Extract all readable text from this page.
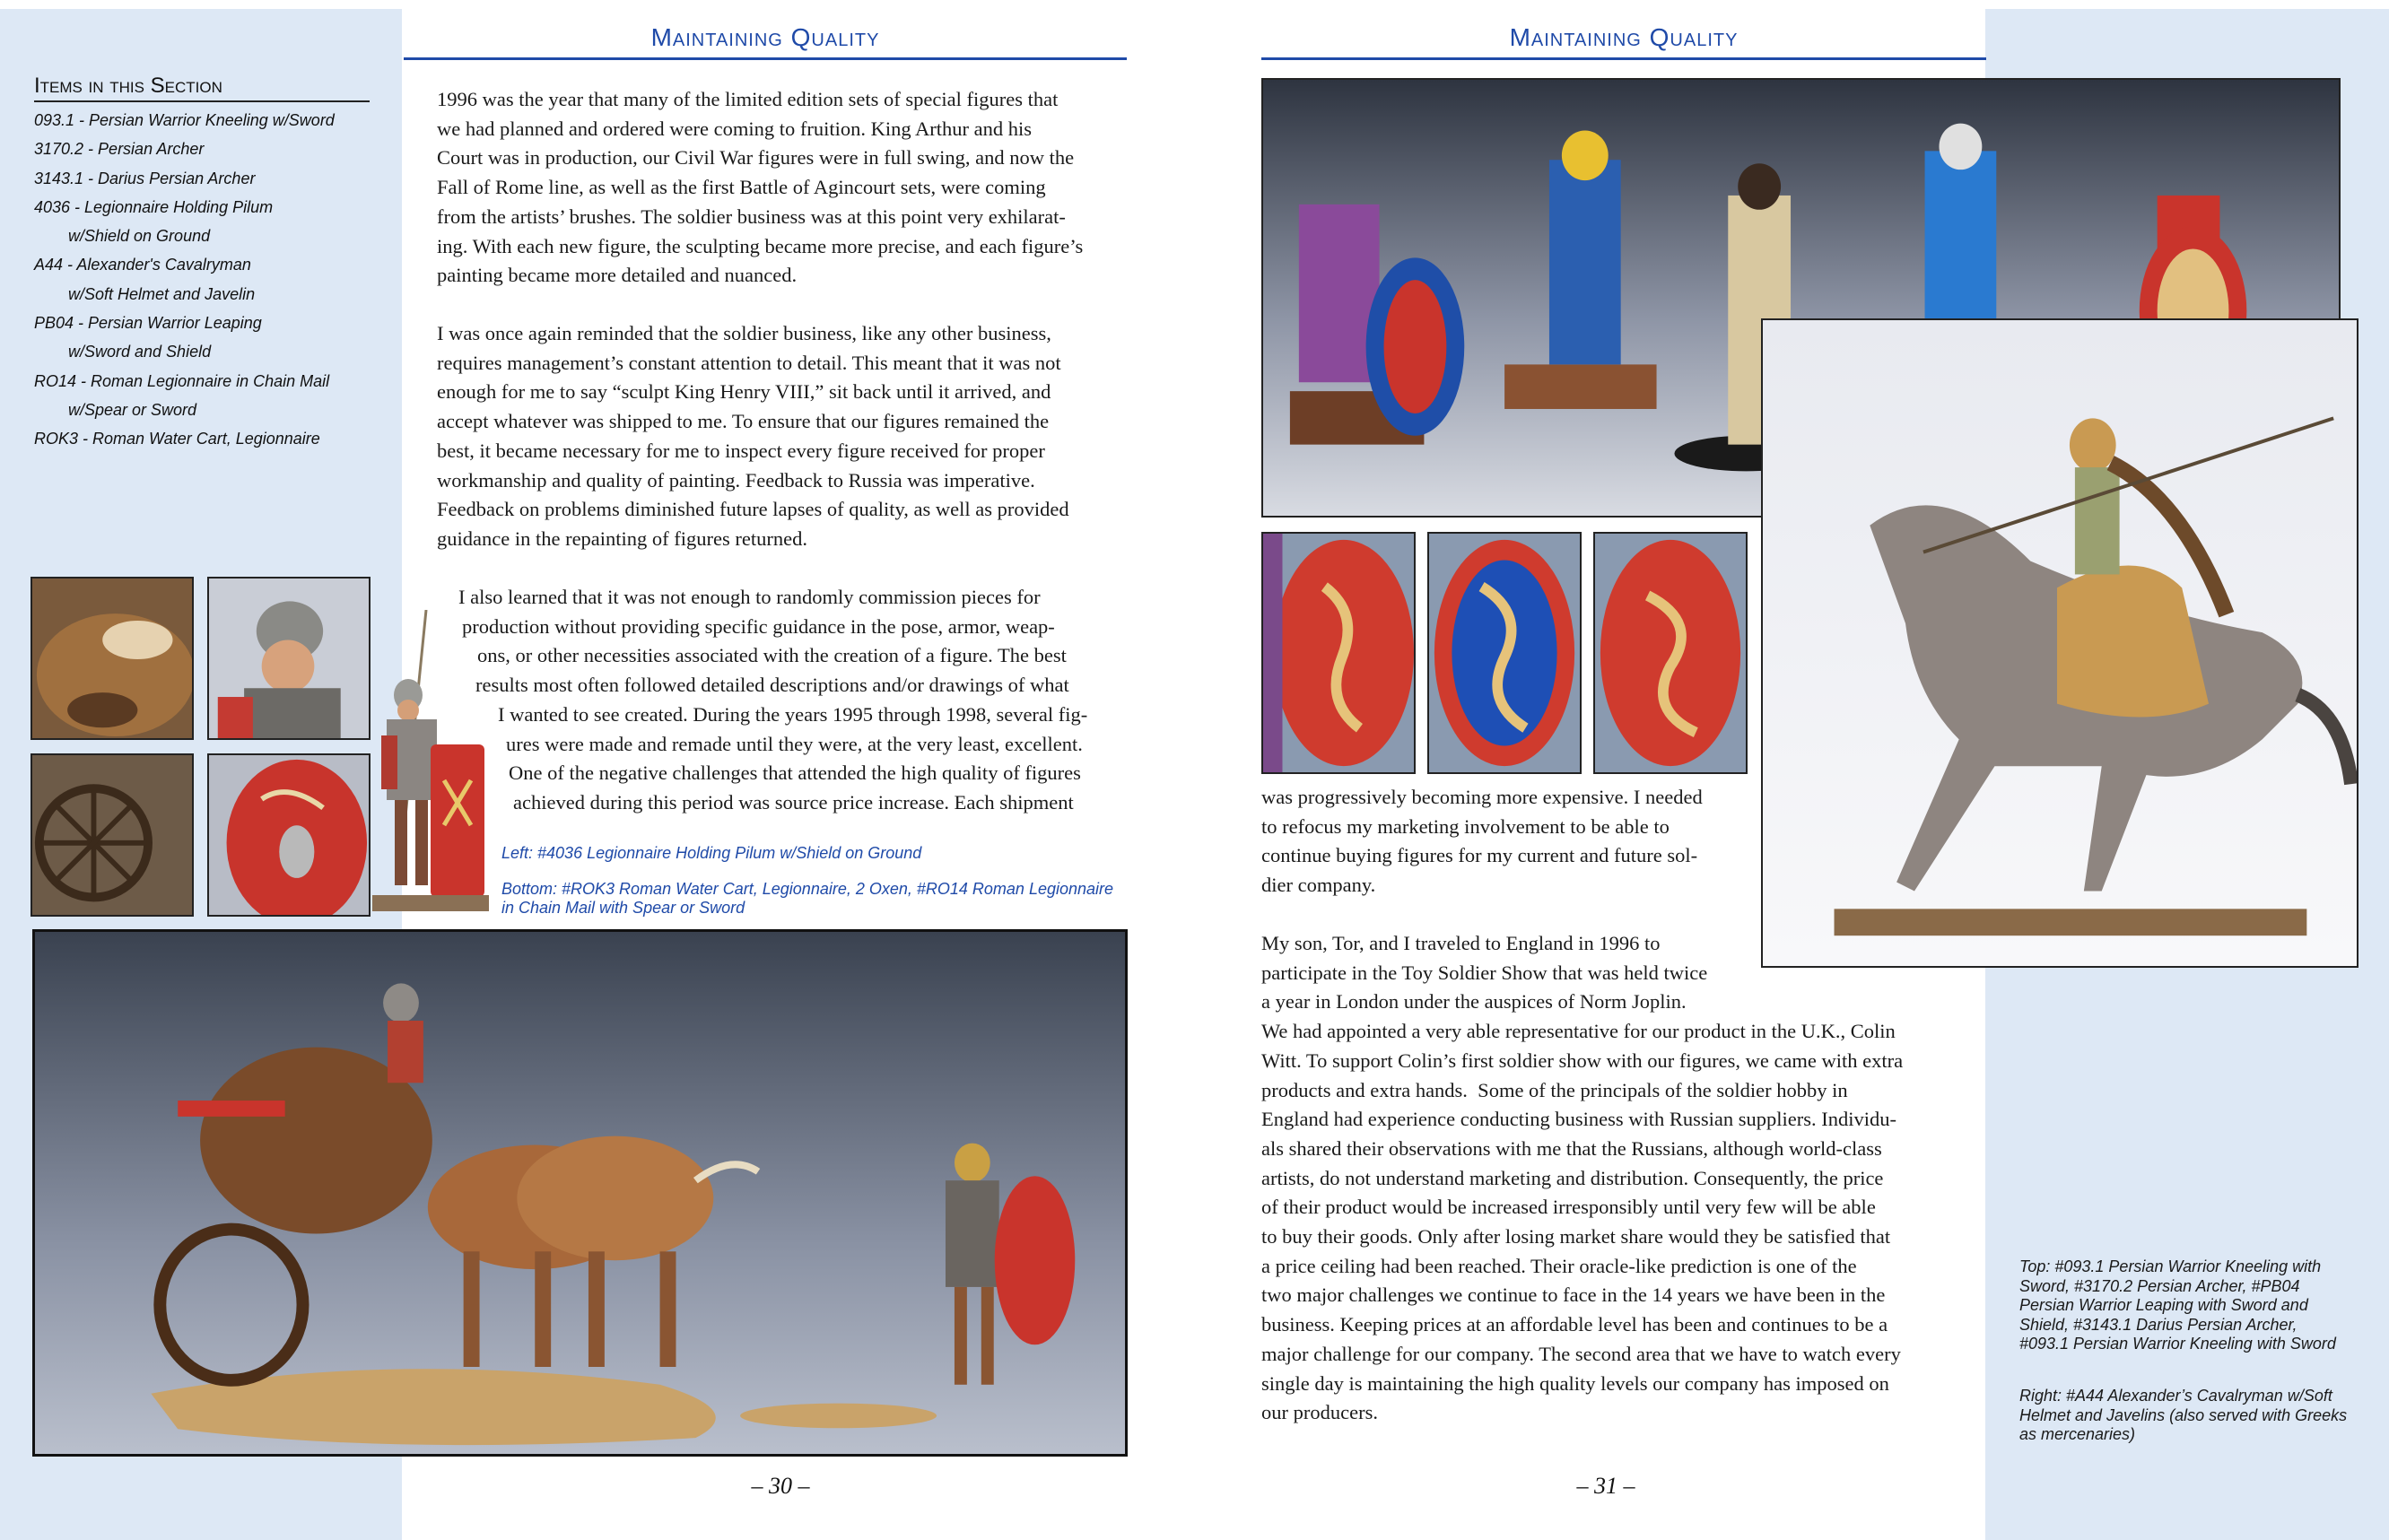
Maintaining Quality	Maintaining Quality
Items in this Section
093.1 - Persian Warrior Kneeling w/Sword
3170.2 - Persian Archer
3143.1 - Darius Persian Archer
4036 - Legionnaire Holding Pilum
w/Shield on Ground
A44 - Alexander's Cavalryman
w/Soft Helmet and Javelin
PB04 - Persian Warrior Leaping
w/Sword and Shield
RO14 - Roman Legionnaire in Chain Mail
w/Spear or Sword
ROK3 - Roman Water Cart, Legionnaire
1996 was the year that many of the limited edition sets of special figures that
we had planned and ordered were coming to fruition. King Arthur and his
Court was in production, our Civil War figures were in full swing, and now the
Fall of Rome line, as well as the first Battle of Agincourt sets, were coming
from the artists’ brushes. The soldier business was at this point very exhilarat-
ing. With each new figure, the sculpting became more precise, and each figure’s
painting became more detailed and nuanced.
I was once again reminded that the soldier business, like any other business,
requires management’s constant attention to detail. This meant that it was not
enough for me to say “sculpt King Henry VIII,” sit back until it arrived, and
accept whatever was shipped to me. To ensure that our figures remained the
best, it became necessary for me to inspect every figure received for proper
workmanship and quality of painting. Feedback to Russia was imperative.
Feedback on problems diminished future lapses of quality, as well as provided
guidance in the repainting of figures returned.
I also learned that it was not enough to randomly commission pieces for
production without providing specific guidance in the pose, armor, weap-
ons, or other necessities associated with the creation of a figure. The best
results most often followed detailed descriptions and/or drawings of what
I wanted to see created. During the years 1995 through 1998, several fig-
ures were made and remade until they were, at the very least, excellent.
One of the negative challenges that attended the high quality of figures
achieved during this period was source price increase. Each shipment
Left: #4036 Legionnaire Holding Pilum w/Shield on Ground
Bottom: #ROK3 Roman Water Cart, Legionnaire, 2 Oxen, #RO14 Roman Legionnaire
in Chain Mail with Spear or Sword
– 30 –
was progressively becoming more expensive. I needed
to refocus my marketing involvement to be able to
continue buying figures for my current and future sol-
dier company.
My son, Tor, and I traveled to England in 1996 to
participate in the Toy Soldier Show that was held twice
a year in London under the auspices of Norm Joplin.
We had appointed a very able representative for our product in the U.K., Colin
Witt. To support Colin’s first soldier show with our figures, we came with extra
products and extra hands.  Some of the principals of the soldier hobby in
England had experience conducting business with Russian suppliers. Individu-
als shared their observations with me that the Russians, although world-class
artists, do not understand marketing and distribution. Consequently, the price
of their product would be increased irresponsibly until very few will be able
to buy their goods. Only after losing market share would they be satisfied that
a price ceiling had been reached. Their oracle-like prediction is one of the
two major challenges we continue to face in the 14 years we have been in the
business. Keeping prices at an affordable level has been and continues to be a
major challenge for our company. The second area that we have to watch every
single day is maintaining the high quality levels our company has imposed on
our producers.
Top: #093.1 Persian Warrior Kneeling with
Sword, #3170.2 Persian Archer, #PB04
Persian Warrior Leaping with Sword and
Shield, #3143.1 Darius Persian Archer,
#093.1 Persian Warrior Kneeling with Sword
Right: #A44 Alexander’s Cavalryman w/Soft
Helmet and Javelins (also served with Greeks
as mercenaries)
– 31 –
